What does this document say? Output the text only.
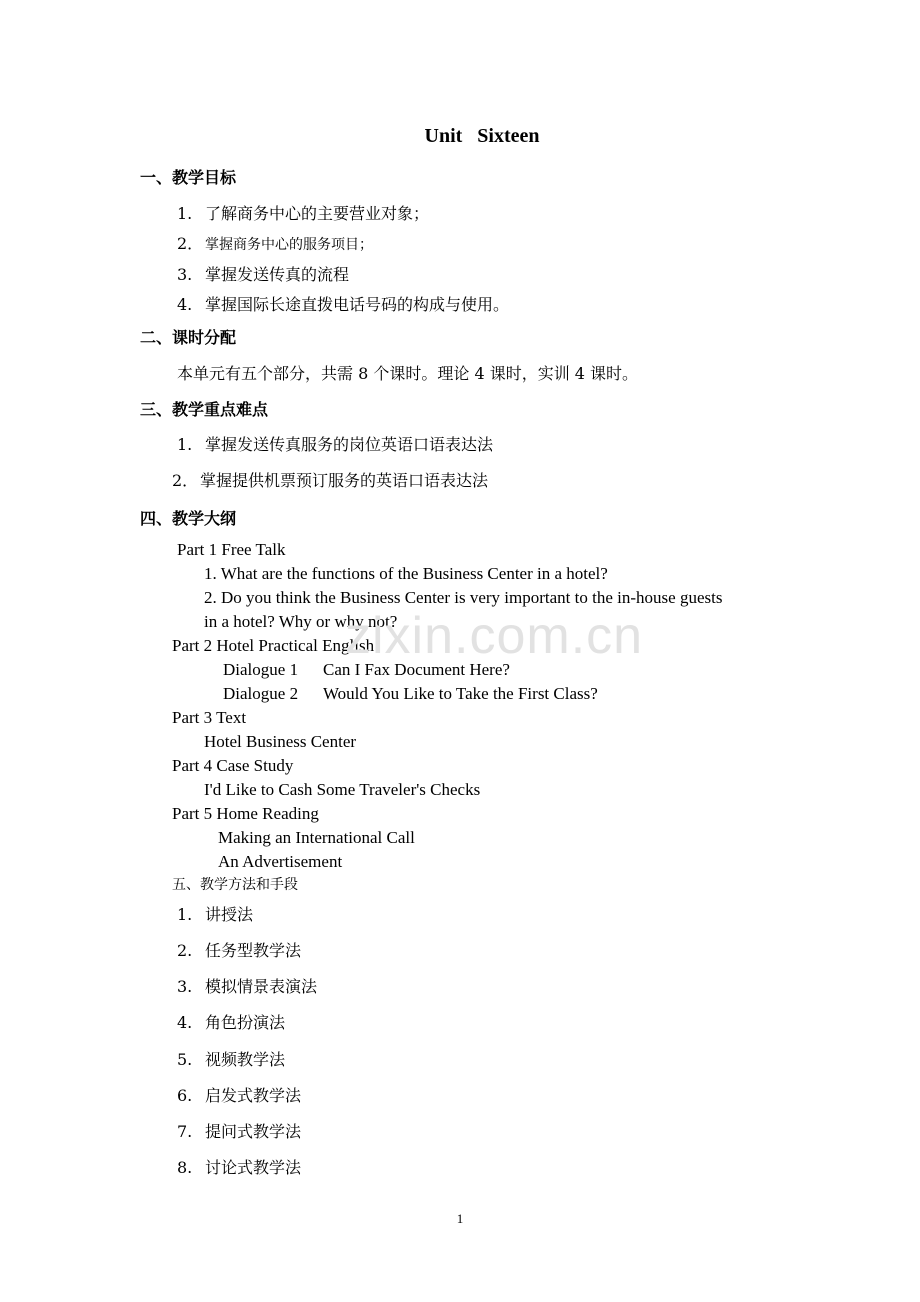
Unit Sixteen
一、教学目标
1. 了解商务中心的主要营业对象；
2． 掌握商务中心的服务项目；
3. 掌握发送传真的流程
4. 掌握国际长途直拨电话号码的构成与使用。
二、课时分配
本单元有五个部分，共需 8 个课时。理论 4 课时，实训 4 课时。
三、教学重点难点
1. 掌握发送传真服务的岗位英语口语表达法
2． 掌握提供机票预订服务的英语口语表达法
四、教学大纲
Part 1 Free Talk
1. What are the functions of the Business Center in a hotel?
2. Do you think the Business Center is very important to the in-house guests
in a hotel? Why or why not?
Part 2 Hotel Practical English
Dialogue 1 Can I Fax Document Here?
Dialogue 2 Would You Like to Take the First Class?
Part 3 Text
Hotel Business Center
Part 4 Case Study
I'd Like to Cash Some Traveler's Checks
Part 5 Home Reading
Making an International Call
An Advertisement
五、教学方法和手段
1. 讲授法
2. 任务型教学法
3. 模拟情景表演法
4. 角色扮演法
5. 视频教学法
6. 启发式教学法
7. 提问式教学法
8. 讨论式教学法
zixin.com.cn
1
